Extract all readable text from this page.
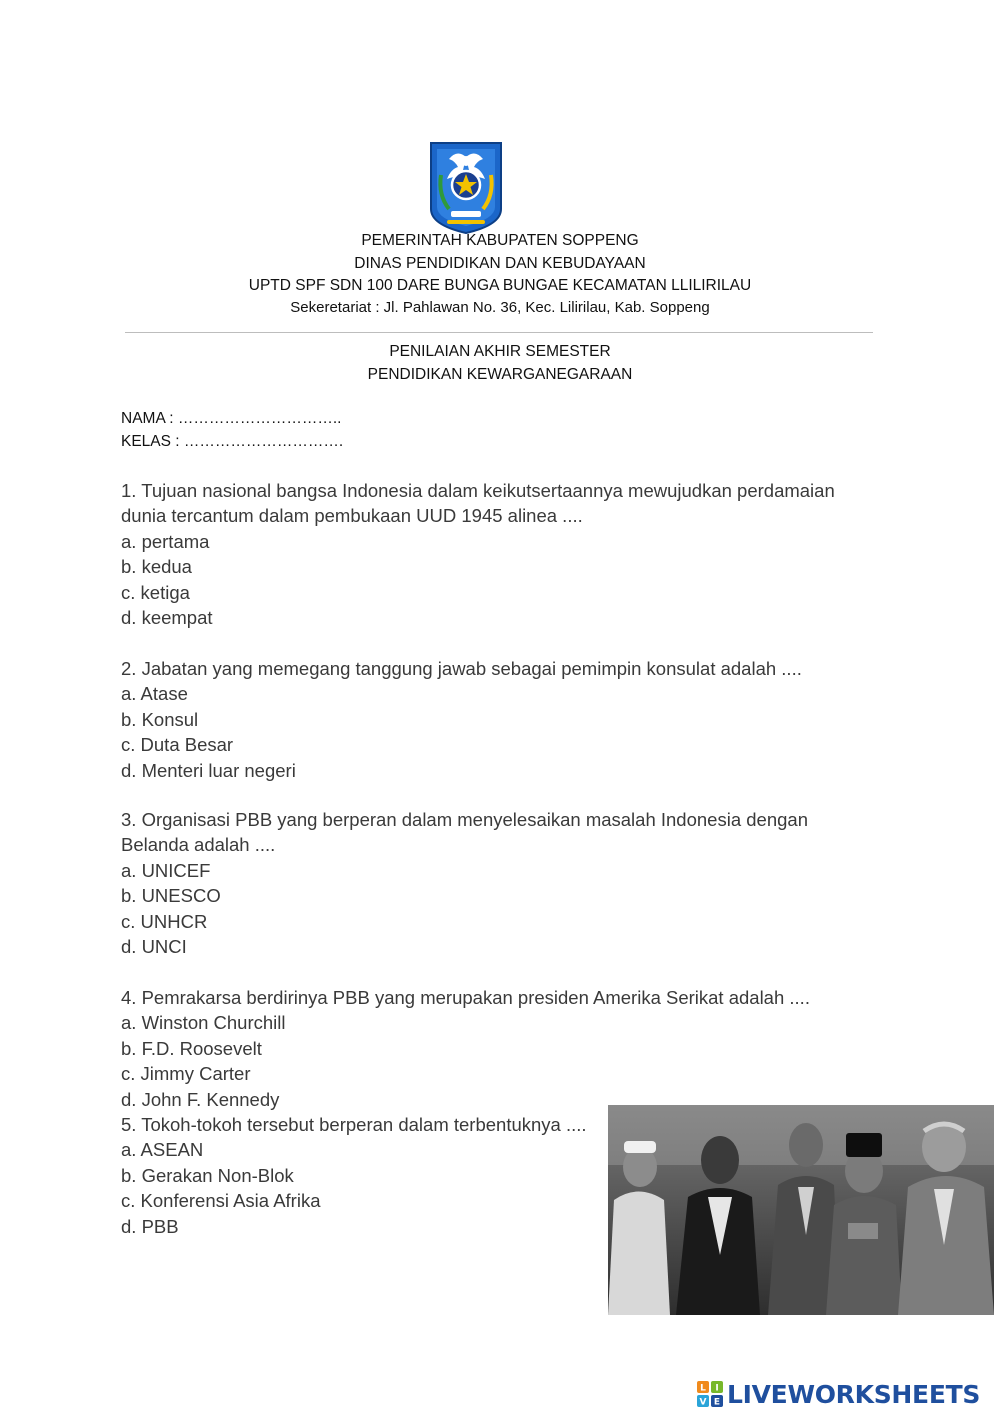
PEMERINTAH KABUPATEN SOPPENG
DINAS PENDIDIKAN DAN KEBUDAYAAN
UPTD SPF SDN 100 DARE BUNGA BUNGAE KECAMATAN LLILIRILAU
Sekeretariat : Jl. Pahlawan No. 36, Kec. Lilirilau, Kab. Soppeng
PENILAIAN AKHIR SEMESTER
PENDIDIKAN KEWARGANEGARAAN
NAMA : …………………………..
KELAS : ………………………….

1. Tujuan nasional bangsa Indonesia dalam keikutsertaannya mewujudkan perdamaian

dunia tercantum dalam pembukaan UUD 1945 alinea ....

a. pertama

b. kedua

c. ketiga

d. keempat

2. Jabatan yang memegang tanggung jawab sebagai pemimpin konsulat adalah ....

a. Atase

b. Konsul

c. Duta Besar

d. Menteri luar negeri

3. Organisasi PBB yang berperan dalam menyelesaikan masalah Indonesia dengan

Belanda adalah ....

a. UNICEF

b. UNESCO

c. UNHCR

d. UNCI

4. Pemrakarsa berdirinya PBB yang merupakan presiden Amerika Serikat adalah ....

a. Winston Churchill

b. F.D. Roosevelt

c. Jimmy Carter

d. John F. Kennedy

5. Tokoh-tokoh tersebut berperan dalam terbentuknya ....

a. ASEAN

b. Gerakan Non-Blok

c. Konferensi Asia Afrika

d. PBB

L I
V E LIVEWORKSHEETS
